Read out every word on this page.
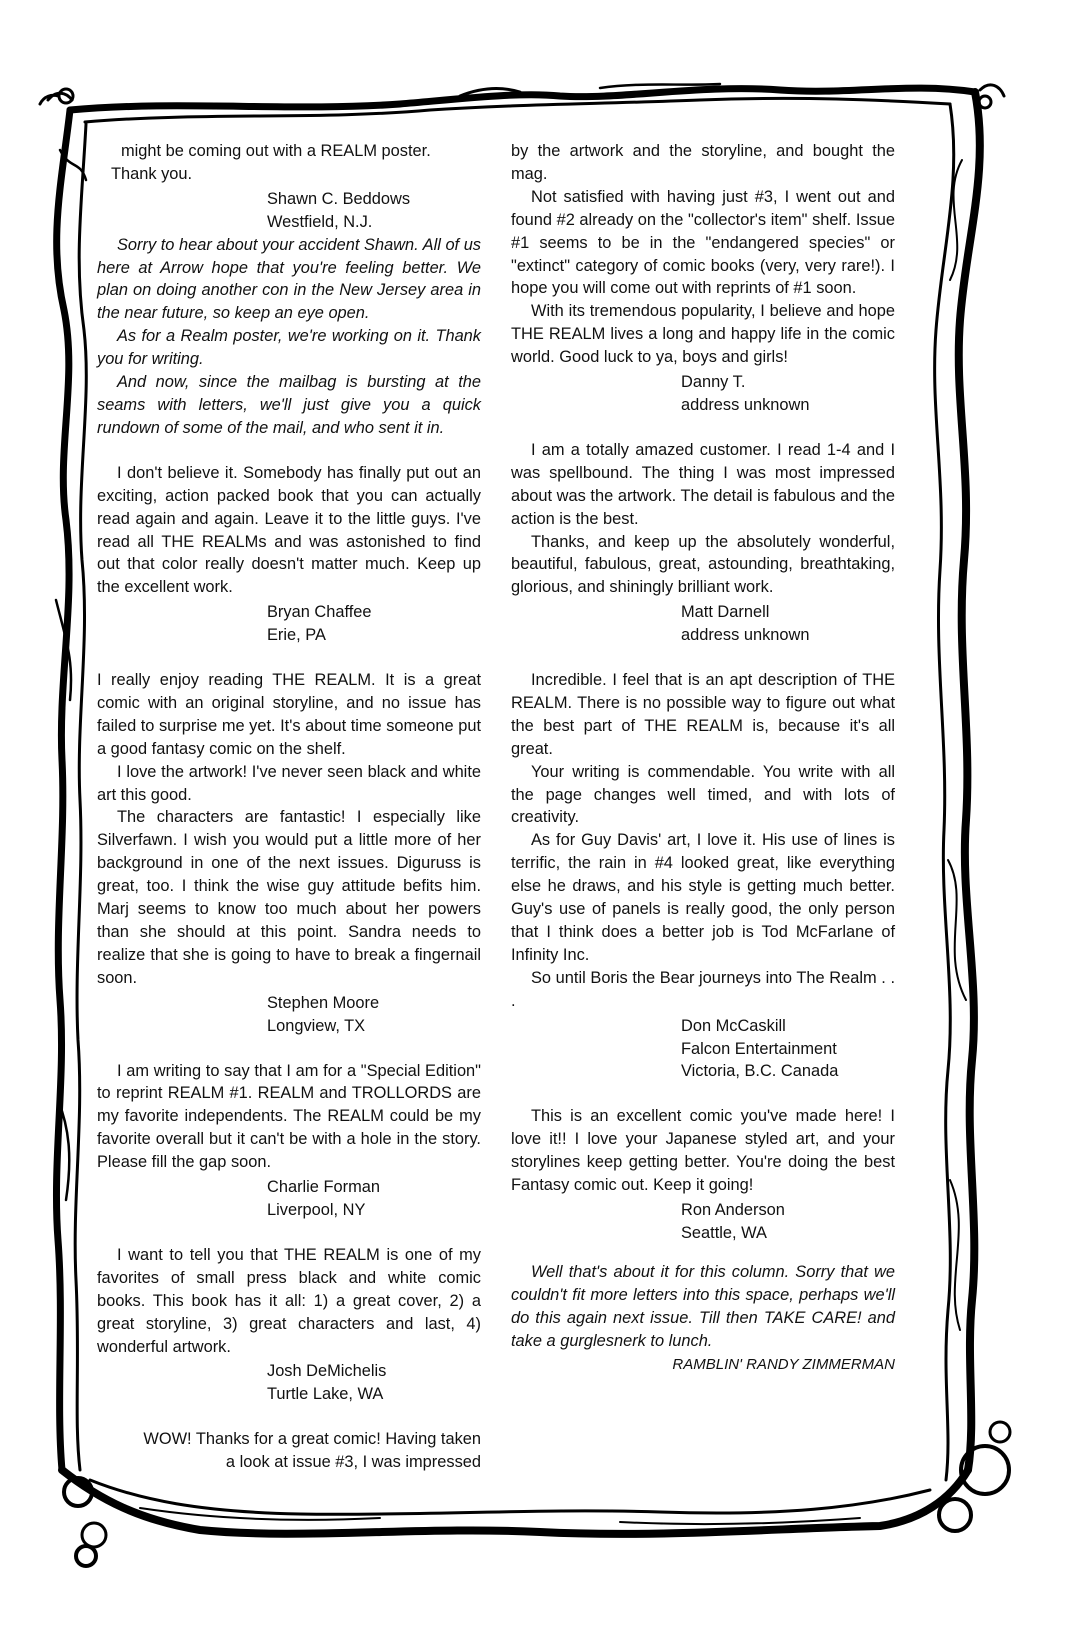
might be coming out with a REALM poster.
Thank you.
Shawn C. Beddows
Westfield, N.J.

Sorry to hear about your accident Shawn. All of us here at Arrow hope that you're feeling better. We plan on doing another con in the New Jersey area in the near future, so keep an eye open.

As for a Realm poster, we're working on it. Thank you for writing.

And now, since the mailbag is bursting at the seams with letters, we'll just give you a quick rundown of some of the mail, and who sent it in.

I don't believe it. Somebody has finally put out an exciting, action packed book that you can actually read again and again. Leave it to the little guys. I've read all THE REALMs and was astonished to find out that color really doesn't matter much. Keep up the excellent work.

Bryan Chaffee
Erie, PA

I really enjoy reading THE REALM. It is a great comic with an original storyline, and no issue has failed to surprise me yet. It's about time someone put a good fantasy comic on the shelf.

I love the artwork! I've never seen black and white art this good.

The characters are fantastic! I especially like Silverfawn. I wish you would put a little more of her background in one of the next issues. Diguruss is great, too. I think the wise guy attitude befits him. Marj seems to know too much about her powers than she should at this point. Sandra needs to realize that she is going to have to break a fingernail soon.

Stephen Moore
Longview, TX

I am writing to say that I am for a "Special Edition" to reprint REALM #1. REALM and TROLLORDS are my favorite independents. The REALM could be my favorite overall but it can't be with a hole in the story. Please fill the gap soon.

Charlie Forman
Liverpool, NY

I want to tell you that THE REALM is one of my favorites of small press black and white comic books. This book has it all: 1) a great cover, 2) a great storyline, 3) great characters and last, 4) wonderful artwork.

Josh DeMichelis
Turtle Lake, WA
WOW! Thanks for a great comic! Having taken
a look at issue #3, I was impressed

by the artwork and the storyline, and bought the mag.

Not satisfied with having just #3, I went out and found #2 already on the "collector's item" shelf. Issue #1 seems to be in the "endangered species" or "extinct" category of comic books (very, very rare!). I hope you will come out with reprints of #1 soon.

With its tremendous popularity, I believe and hope THE REALM lives a long and happy life in the comic world. Good luck to ya, boys and girls!

Danny T.
address unknown

I am a totally amazed customer. I read 1-4 and I was spellbound. The thing I was most impressed about was the artwork. The detail is fabulous and the action is the best.

Thanks, and keep up the absolutely wonderful, beautiful, fabulous, great, astounding, breathtaking, glorious, and shiningly brilliant work.

Matt Darnell
address unknown

Incredible. I feel that is an apt description of THE REALM. There is no possible way to figure out what the best part of THE REALM is, because it's all great.

Your writing is commendable. You write with all the page changes well timed, and with lots of creativity.

As for Guy Davis' art, I love it. His use of lines is terrific, the rain in #4 looked great, like everything else he draws, and his style is getting much better. Guy's use of panels is really good, the only person that I think does a better job is Tod McFarlane of Infinity Inc.

So until Boris the Bear journeys into The Realm . . .

Don McCaskill
Falcon Entertainment
Victoria, B.C. Canada

This is an excellent comic you've made here! I love it!! I love your Japanese styled art, and your storylines keep getting better. You're doing the best Fantasy comic out. Keep it going!

Ron Anderson
Seattle, WA

Well that's about it for this column. Sorry that we couldn't fit more letters into this space, perhaps we'll do this again next issue. Till then TAKE CARE! and take a gurglesnerk to lunch.

RAMBLIN' RANDY ZIMMERMAN
